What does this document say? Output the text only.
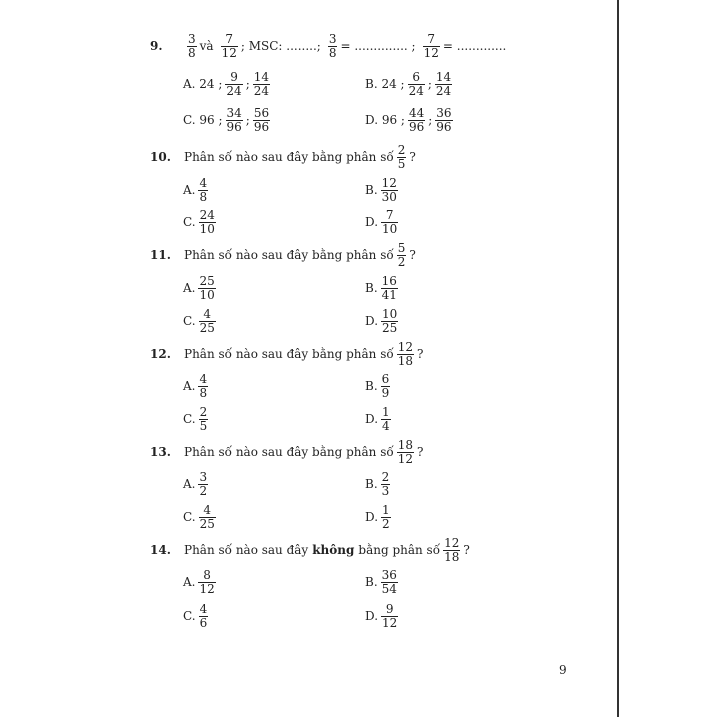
9. $\frac{3}{8}$ và $\frac{7}{12}$ ; MSC: ........; $\frac{3}{8}$ = .............. ; $\frac{7}{12}$ = .............
A. 24 ; $\frac{9}{24}$ ; $\frac{14}{24}$	B. 24 ; $\frac{6}{24}$ ; $\frac{14}{24}$
C. 96 ; $\frac{34}{96}$ ; $\frac{56}{96}$	D. 96 ; $\frac{44}{96}$ ; $\frac{36}{96}$
10. Phân số nào sau đây bằng phân số $\frac{2}{5}$ ?
A. $\frac{4}{8}$	B. $\frac{12}{30}$
C. $\frac{24}{10}$	D. $\frac{7}{10}$
11. Phân số nào sau đây bằng phân số $\frac{5}{2}$ ?
A. $\frac{25}{10}$	B. $\frac{16}{41}$
C. $\frac{4}{25}$	D. $\frac{10}{25}$
12. Phân số nào sau đây bằng phân số $\frac{12}{18}$ ?
A. $\frac{4}{8}$	B. $\frac{6}{9}$
C. $\frac{2}{5}$	D. $\frac{1}{4}$
13. Phân số nào sau đây bằng phân số $\frac{18}{12}$ ?
A. $\frac{3}{2}$	B. $\frac{2}{3}$
C. $\frac{4}{25}$	D. $\frac{1}{2}$
14. Phân số nào sau đây không bằng phân số $\frac{12}{18}$ ?
A. $\frac{8}{12}$	B. $\frac{36}{54}$
C. $\frac{4}{6}$	D. $\frac{9}{12}$
9
